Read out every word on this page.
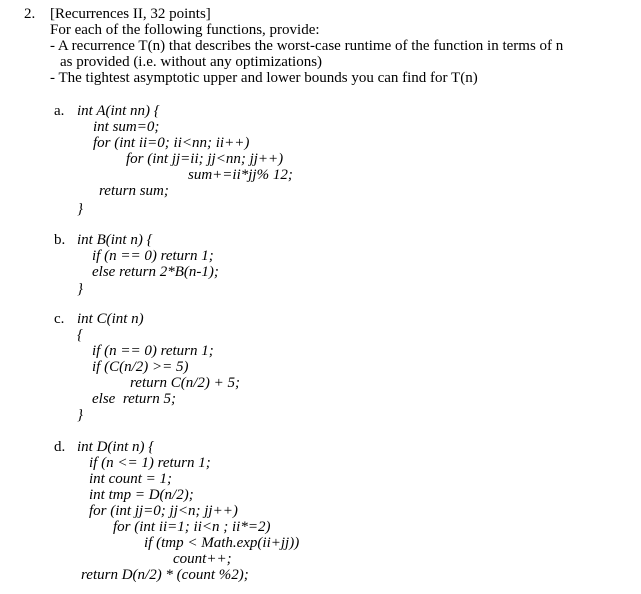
2. [Recurrences II, 32 points]
For each of the following functions, provide:
- A recurrence T(n) that describes the worst-case runtime of the function in terms of n
as provided (i.e. without any optimizations)
- The tightest asymptotic upper and lower bounds you can find for T(n)
a. int A(int nn) {
int sum=0;
for (int ii=0; ii<nn; ii++)
for (int jj=ii; jj<nn; jj++)
sum+=ii*jj% 12;
return sum;
}
b. int B(int n) {
if (n == 0) return 1;
else return 2*B(n-1);
}
c. int C(int n)
{
if (n == 0) return 1;
if (C(n/2) >= 5)
return C(n/2) + 5;
else  return 5;
}
d. int D(int n) {
if (n <= 1) return 1;
int count = 1;
int tmp = D(n/2);
for (int jj=0; jj<n; jj++)
for (int ii=1; ii<n ; ii*=2)
if (tmp < Math.exp(ii+jj))
count++;
return D(n/2) * (count %2);
